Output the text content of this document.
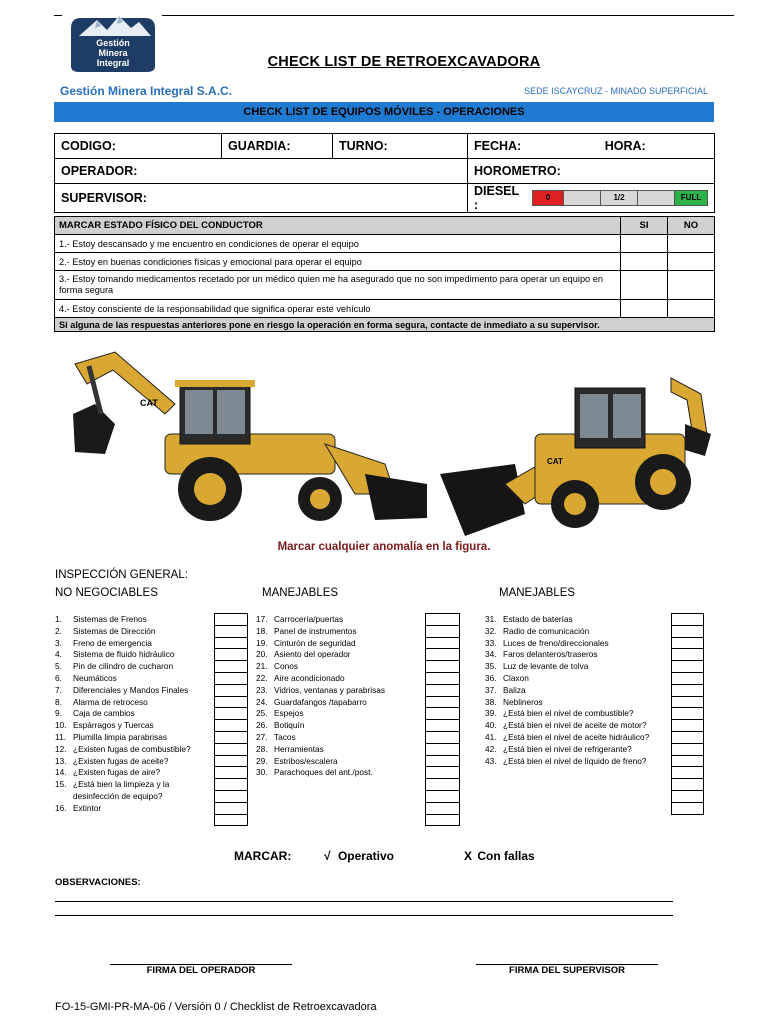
Gestión
Minera
Integral	CHECK LIST DE RETROEXCAVADORA
Gestión Minera Integral S.A.C.	SEDE ISCAYCRUZ - MINADO SUPERFICIAL
CHECK LIST DE EQUIPOS MÓVILES - OPERACIONES
CODIGO:	GUARDIA:	TURNO:	FECHA: HORA:
OPERADOR:			HOROMETRO:
SUPERVISOR:			DIESEL :
0 1/2 FULL
MARCAR ESTADO FÍSICO DEL CONDUCTOR	SI	NO
1.- Estoy descansado y me encuentro en condiciones de operar el equipo		
2.- Estoy en buenas condiciones físicas y emocional para operar el equipo		
3.- Estoy tomando medicamentos recetado por un médico quien me ha asegurado que no son impedimento para operar un equipo en forma segura		
4.- Estoy consciente de la responsabilidad que significa operar este vehículo		
Si alguna de las respuestas anteriores pone en riesgo la operación en forma segura, contacte de inmediato a su supervisor.		
CAT
CAT
Marcar cualquier anomalía en la figura.
INSPECCIÓN GENERAL:
NO NEGOCIABLES	MANEJABLES	MANEJABLES
1. Sistemas de Frenos
2. Sistemas de Dirección
3. Freno de emergencia
4. Sistema de fluido hidráulico
5. Pin de cilindro de cucharon
6. Neumáticos
7. Diferenciales y Mandos Finales
8. Alarma de retroceso
9. Caja de cambios
10. Espárragos y Tuercas
11. Plumilla limpia parabrisas
12. ¿Existen fugas de combustible?
13. ¿Existen fugas de aceite?
14. ¿Existen fugas de aire?
15. ¿Está bien la limpieza y la
desinfección de equipo?
16. Extintor
17. Carrocería/puertas
18. Panel de instrumentos
19. Cinturón de seguridad
20. Asiento del operador
21. Conos
22. Aire acondicionado
23. Vidrios, ventanas y parabrisas
24. Guardafangos /tapabarro
25. Espejos
26. Botiquín
27. Tacos
28. Herramientas
29. Estribos/escalera
30. Parachoques del ant./post.
31. Estado de baterías
32. Radio de comunicación
33. Luces de freno/direccionales
34. Faros delanteros/traseros
35. Luz de levante de tolva
36. Claxon
37. Baliza
38. Neblineros
39. ¿Está bien el nivel de combustible?
40. ¿Está bien el nivel de aceite de motor?
41. ¿Está bien el nivel de aceite hidráulico?
42. ¿Está bien el nivel de refrigerante?
43. ¿Está bien el nivel de líquido de freno?
MARCAR:	√ Operativo	X Con fallas
OBSERVACIONES:
FIRMA DEL OPERADOR	FIRMA DEL SUPERVISOR
FO-15-GMI-PR-MA-06 / Versión 0 / Checklist de Retroexcavadora
